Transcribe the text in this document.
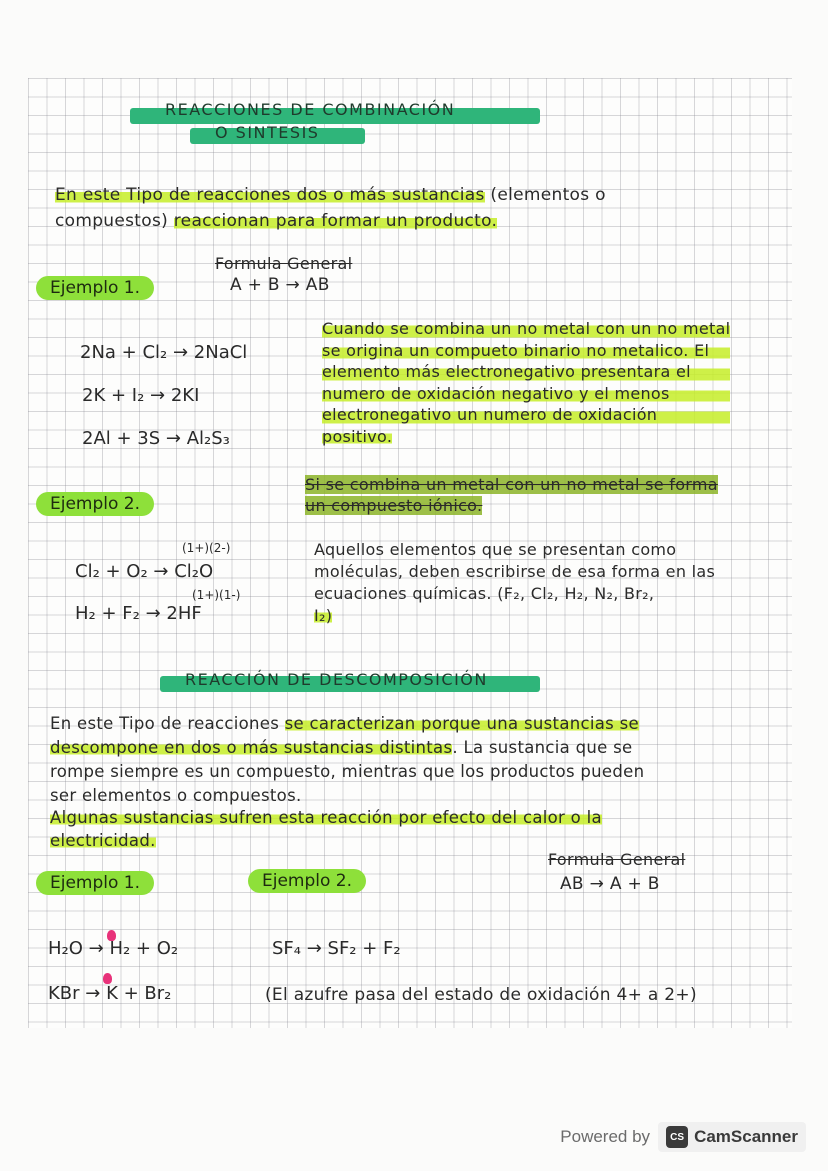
REACCIONES DE COMBINACIÓN
O SINTESIS
En este Tipo de reacciones dos o más sustancias (elementos o
compuestos) reaccionan para formar un producto.
Formula General
A + B → AB
Ejemplo 1.
2Na + Cl₂ → 2NaCl
2K + I₂ → 2KI
2Al + 3S → Al₂S₃
Cuando se combina un no metal con un no metal
se origina un compueto binario no metalico. El
elemento más electronegativo presentara el
numero de oxidación negativo y el menos
electronegativo un numero de oxidación
positivo.
Si se combina un metal con un no metal se forma
un compuesto iónico.
Ejemplo 2.
(1+)(2-)
Cl₂ + O₂ → Cl₂O
(1+)(1-)
H₂ + F₂ → 2HF
Aquellos elementos que se presentan como
moléculas, deben escribirse de esa forma en las
ecuaciones químicas. (F₂, Cl₂, H₂, N₂, Br₂,
I₂)
REACCIÓN DE DESCOMPOSICIÓN
En este Tipo de reacciones se caracterizan porque una sustancias se
descompone en dos o más sustancias distintas. La sustancia que se
rompe siempre es un compuesto, mientras que los productos pueden
ser elementos o compuestos.
Algunas sustancias sufren esta reacción por efecto del calor o la
electricidad.
Formula General
AB → A + B
Ejemplo 1.	Ejemplo 2.
H₂O → H₂ + O₂
KBr → K + Br₂
SF₄ → SF₂ + F₂
(El azufre pasa del estado de oxidación 4+ a 2+)
Powered by	CS CamScanner
